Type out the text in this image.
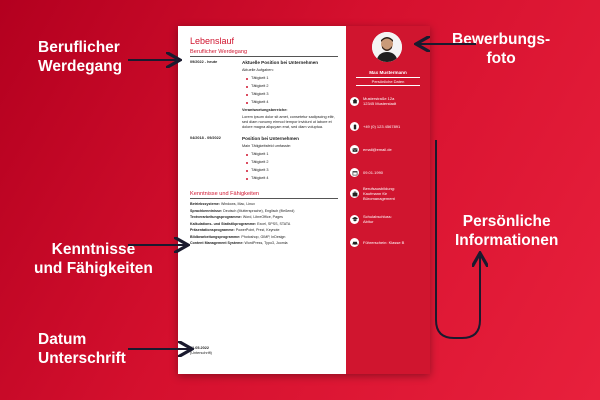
Beruflicher
Werdegang
Kenntnisse
und Fähigkeiten
Datum
Unterschrift
Bewerbungs-
foto
Persönliche
Informationen
Lebenslauf
Beruflicher Werdegang
09/2022 - heute	Aktuelle Position bei Unternehmen
Aktuelle Aufgaben:
Tätigkeit 1
Tätigkeit 2
Tätigkeit 3
Tätigkeit 4
Verantwortungsbereiche:
Lorem ipsum dolor sit amet, consetetur sadipscing elitr, sed diam nonumy eirmod tempor invidunt ut labore et dolore magna aliquyam erat, sed diam voluptua.
04/2018 - 09/2022	Position bei Unternehmen
Main Tätigkeitsfeld umfasste:
Tätigkeit 1
Tätigkeit 2
Tätigkeit 3
Tätigkeit 4
Kenntnisse und Fähigkeiten
Betriebssysteme: Windows, Mac, Linux
Sprachkenntnisse: Deutsch (Muttersprache), Englisch (fließend)
Textverarbeitungsprogramme: Word, LibreOffice, Pages
Kalkulations- und Statistikprogramme: Excel, SPSS, STATA
Präsentationsprogramme: PowerPoint, Prezi, Keynote
Bildbearbeitungsprogramme: Photoshop, GIMP, InDesign
Content Management Systeme: WordPress, Typo3, Joomla
01.05.2022
(Unterschrift)
Max Mustermann
Persönliche Daten
Musterstraße 12a
12345 Musterstadt
+49 (0) 123 4567891
email@email.de
09.01.1990
Berufsausbildung:
Kaufmann für
Büromanagement
Schulabschluss:
Abitur
Führerschein: Klasse B
